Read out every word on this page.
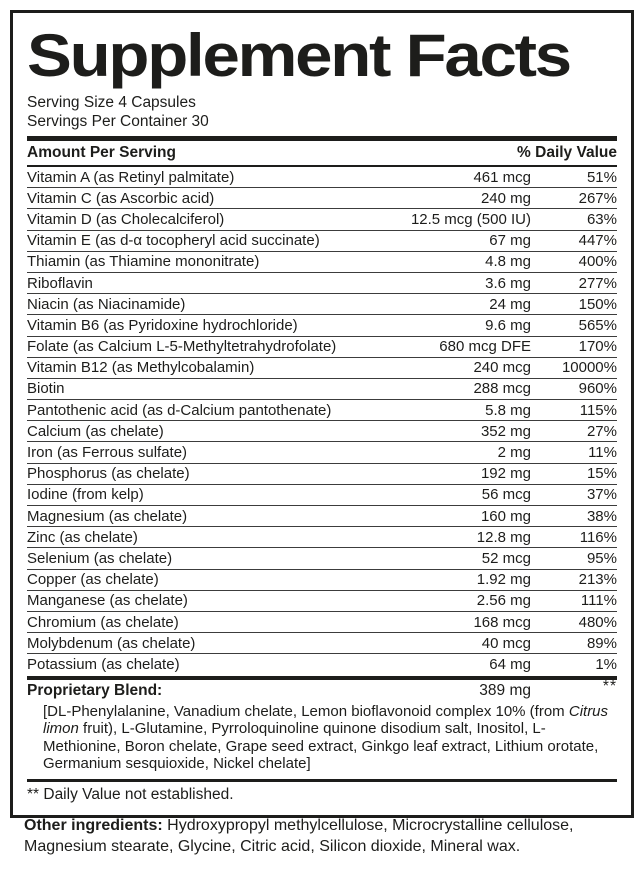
Supplement Facts
Serving Size 4 Capsules
Servings Per Container 30
Amount Per Serving	% Daily Value
Vitamin A (as Retinyl palmitate)	461 mcg	51%
Vitamin C (as Ascorbic acid)	240 mg	267%
Vitamin D (as Cholecalciferol)	12.5 mcg (500 IU)	63%
Vitamin E (as d-α tocopheryl acid succinate)	67 mg	447%
Thiamin (as Thiamine mononitrate)	4.8 mg	400%
Riboflavin	3.6 mg	277%
Niacin (as Niacinamide)	24 mg	150%
Vitamin B6 (as Pyridoxine hydrochloride)	9.6 mg	565%
Folate (as Calcium L-5-Methyltetrahydrofolate)	680 mcg DFE	170%
Vitamin B12 (as Methylcobalamin)	240 mcg	10000%
Biotin	288 mcg	960%
Pantothenic acid (as d-Calcium pantothenate)	5.8 mg	115%
Calcium (as chelate)	352 mg	27%
Iron (as Ferrous sulfate)	2 mg	11%
Phosphorus (as chelate)	192 mg	15%
Iodine (from kelp)	56 mcg	37%
Magnesium (as chelate)	160 mg	38%
Zinc (as chelate)	12.8 mg	116%
Selenium (as chelate)	52 mcg	95%
Copper (as chelate)	1.92 mg	213%
Manganese (as chelate)	2.56 mg	111%
Chromium (as chelate)	168 mcg	480%
Molybdenum (as chelate)	40 mcg	89%
Potassium (as chelate)	64 mg	1%
Proprietary Blend:	389 mg	**
[DL-Phenylalanine, Vanadium chelate, Lemon bioflavonoid complex 10% (from Citrus limon fruit), L-Glutamine, Pyrroloquinoline quinone disodium salt, Inositol, L-Methionine, Boron chelate, Grape seed extract, Ginkgo leaf extract, Lithium orotate, Germanium sesquioxide, Nickel chelate]
** Daily Value not established.
Other ingredients: Hydroxypropyl methylcellulose, Microcrystalline cellulose, Magnesium stearate, Glycine, Citric acid, Silicon dioxide, Mineral wax.
